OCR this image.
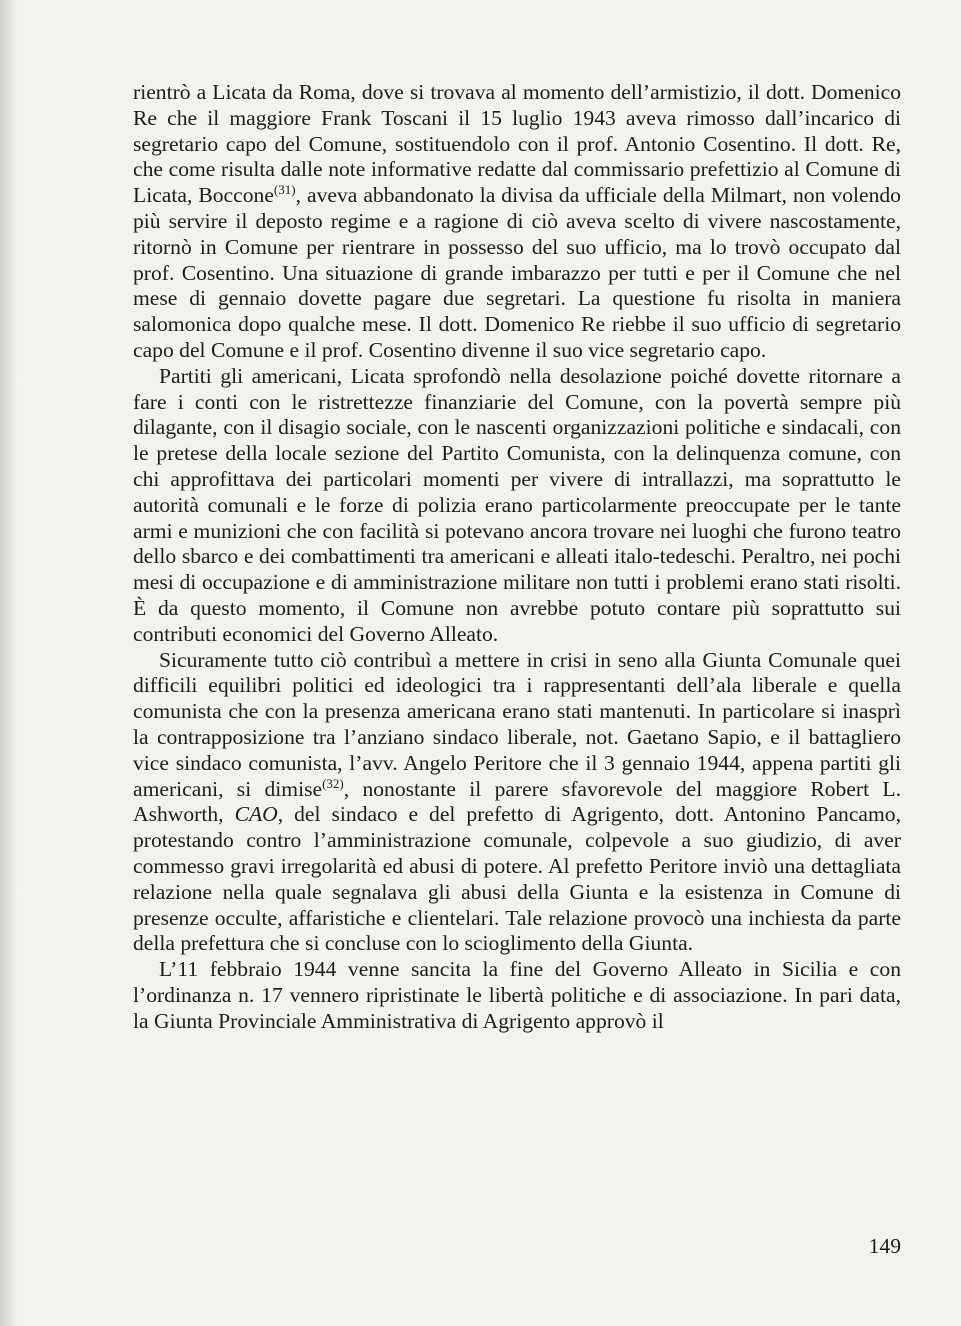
rientrò a Licata da Roma, dove si trovava al momento dell’armistizio, il dott. Domenico Re che il maggiore Frank Toscani il 15 luglio 1943 aveva rimosso dall’incarico di segretario capo del Comune, sostituendolo con il prof. Antonio Cosentino. Il dott. Re, che come risulta dalle note informative redatte dal commissario prefettizio al Comune di Licata, Boccone$^{(31)}$, aveva abbandonato la divisa da ufficiale della Milmart, non volendo più servire il deposto regime e a ragione di ciò aveva scelto di vivere nascostamente, ritornò in Comune per rientrare in possesso del suo ufficio, ma lo trovò occupato dal prof. Cosentino. Una situazione di grande imbarazzo per tutti e per il Comune che nel mese di gennaio dovette pagare due segretari. La questione fu risolta in maniera salomonica dopo qualche mese. Il dott. Domenico Re riebbe il suo ufficio di segretario capo del Comune e il prof. Cosentino divenne il suo vice segretario capo.

Partiti gli americani, Licata sprofondò nella desolazione poiché dovette ritornare a fare i conti con le ristrettezze finanziarie del Comune, con la povertà sempre più dilagante, con il disagio sociale, con le nascenti organizzazioni politiche e sindacali, con le pretese della locale sezione del Partito Comunista, con la delinquenza comune, con chi approfittava dei particolari momenti per vivere di intrallazzi, ma soprattutto le autorità comunali e le forze di polizia erano particolarmente preoccupate per le tante armi e munizioni che con facilità si potevano ancora trovare nei luoghi che furono teatro dello sbarco e dei combattimenti tra americani e alleati italo-tedeschi. Peraltro, nei pochi mesi di occupazione e di amministrazione militare non tutti i problemi erano stati risolti. È da questo momento, il Comune non avrebbe potuto contare più soprattutto sui contributi economici del Governo Alleato.

Sicuramente tutto ciò contribuì a mettere in crisi in seno alla Giunta Comunale quei difficili equilibri politici ed ideologici tra i rappresentanti dell’ala liberale e quella comunista che con la presenza americana erano stati mantenuti. In particolare si inasprì la contrapposizione tra l’anziano sindaco liberale, not. Gaetano Sapio, e il battagliero vice sindaco comunista, l’avv. Angelo Peritore che il 3 gennaio 1944, appena partiti gli americani, si dimise$^{(32)}$, nonostante il parere sfavorevole del maggiore Robert L. Ashworth, CAO, del sindaco e del prefetto di Agrigento, dott. Antonino Pancamo, protestando contro l’amministrazione comunale, colpevole a suo giudizio, di aver commesso gravi irregolarità ed abusi di potere. Al prefetto Peritore inviò una dettagliata relazione nella quale segnalava gli abusi della Giunta e la esistenza in Comune di presenze occulte, affaristiche e clientelari. Tale relazione provocò una inchiesta da parte della prefettura che si concluse con lo scioglimento della Giunta.

L’11 febbraio 1944 venne sancita la fine del Governo Alleato in Sicilia e con l’ordinanza n. 17 vennero ripristinate le libertà politiche e di associazione. In pari data, la Giunta Provinciale Amministrativa di Agrigento approvò il

149
